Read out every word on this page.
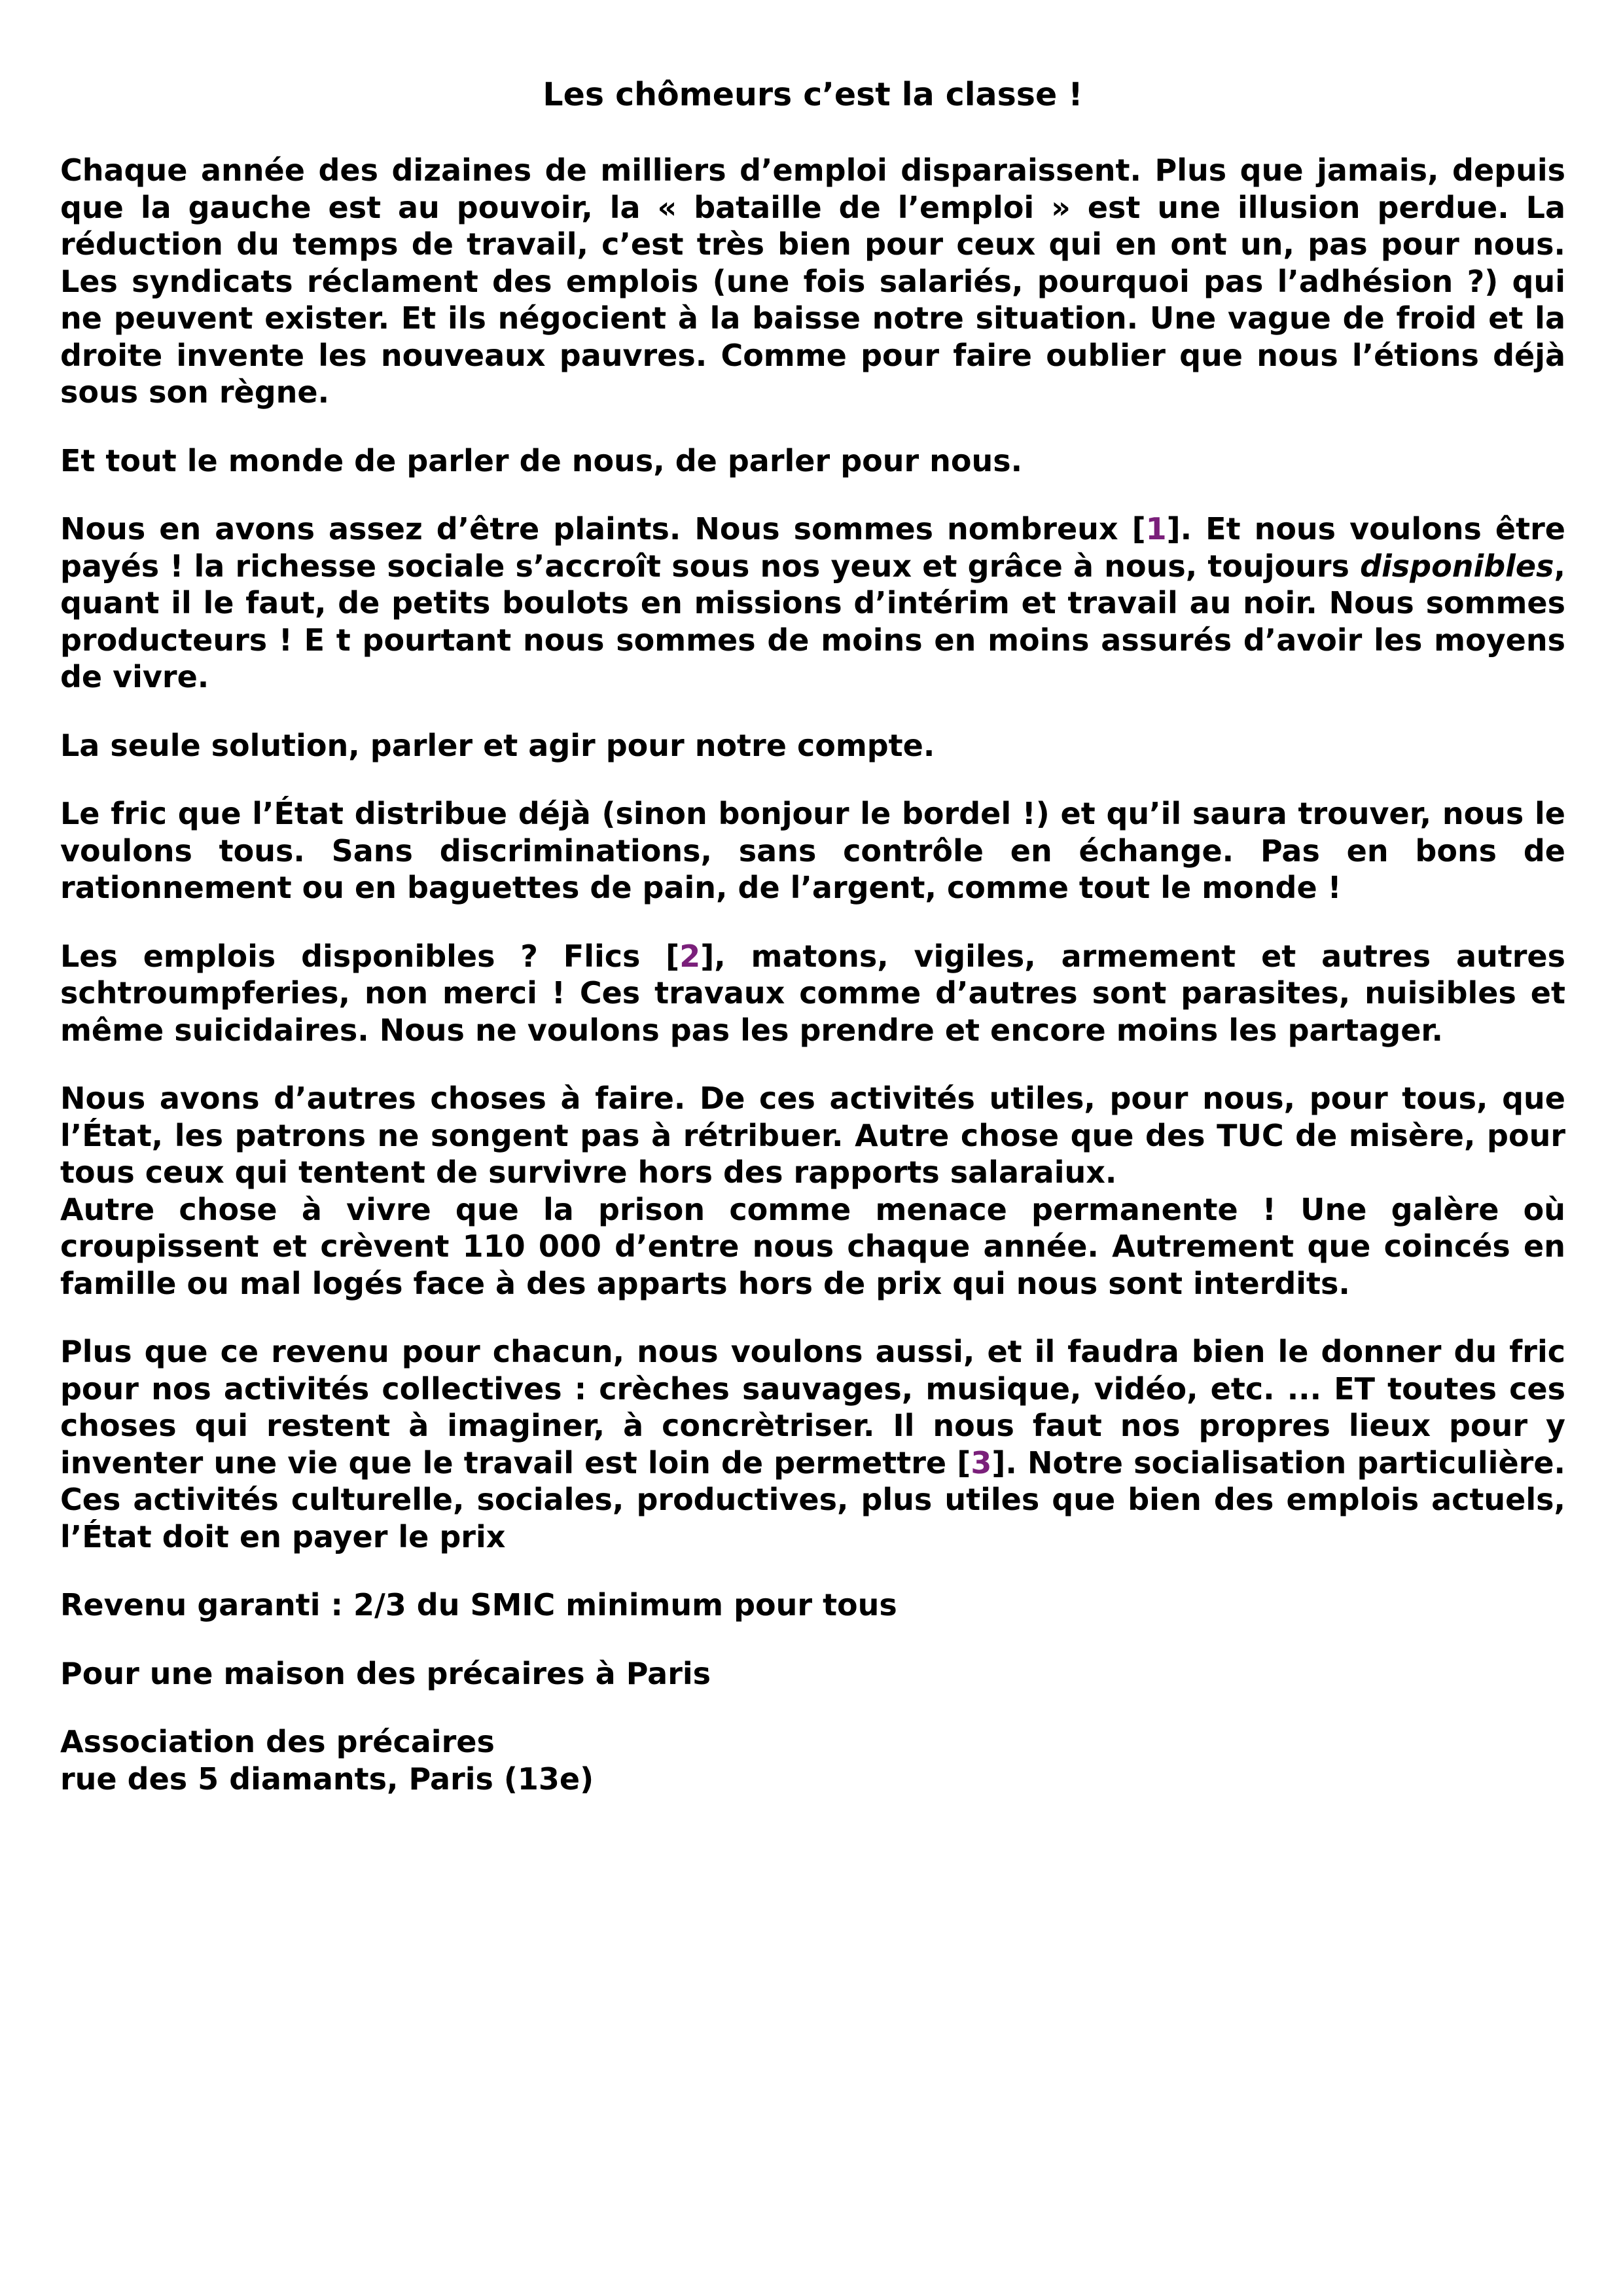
Les chômeurs c’est la classe !
Chaque année des dizaines de milliers d’emploi disparaissent. Plus que jamais, depuis que la gauche est au pouvoir, la « bataille de l’emploi » est une illusion perdue. La réduction du temps de travail, c’est très bien pour ceux qui en ont un, pas pour nous. Les syndicats réclament des emplois (une fois salariés, pourquoi pas l’adhésion ?) qui ne peuvent exister. Et ils négocient à la baisse notre situation. Une vague de froid et la droite invente les nouveaux pauvres. Comme pour faire oublier que nous l’étions déjà sous son règne.
Et tout le monde de parler de nous, de parler pour nous.
Nous en avons assez d’être plaints. Nous sommes nombreux [1]. Et nous voulons être payés ! la richesse sociale s’accroît sous nos yeux et grâce à nous, toujours disponibles, quant il le faut, de petits boulots en missions d’intérim et travail au noir. Nous sommes producteurs ! E t pourtant nous sommes de moins en moins assurés d’avoir les moyens de vivre.
La seule solution, parler et agir pour notre compte.
Le fric que l’État distribue déjà (sinon bonjour le bordel !) et qu’il saura trouver, nous le voulons tous. Sans discriminations, sans contrôle en échange. Pas en bons de rationnement ou en baguettes de pain, de l’argent, comme tout le monde !
Les emplois disponibles ? Flics [2], matons, vigiles, armement et autres autres schtroumpferies, non merci ! Ces travaux comme d’autres sont parasites, nuisibles et même suicidaires. Nous ne voulons pas les prendre et encore moins les partager.
Nous avons d’autres choses à faire. De ces activités utiles, pour nous, pour tous, que l’État, les patrons ne songent pas à rétribuer. Autre chose que des TUC de misère, pour tous ceux qui tentent de survivre hors des rapports salaraiux.
Autre chose à vivre que la prison comme menace permanente ! Une galère où croupissent et crèvent 110 000 d’entre nous chaque année. Autrement que coincés en famille ou mal logés face à des apparts hors de prix qui nous sont interdits.
Plus que ce revenu pour chacun, nous voulons aussi, et il faudra bien le donner du fric pour nos activités collectives : crèches sauvages, musique, vidéo, etc. ... ET toutes ces choses qui restent à imaginer, à concrètriser. Il nous faut nos propres lieux pour y inventer une vie que le travail est loin de permettre [3]. Notre socialisation particulière. Ces activités culturelle, sociales, productives, plus utiles que bien des emplois actuels, l’État doit en payer le prix
Revenu garanti : 2/3 du SMIC minimum pour tous
Pour une maison des précaires à Paris
Association des précaires
rue des 5 diamants, Paris (13e)
